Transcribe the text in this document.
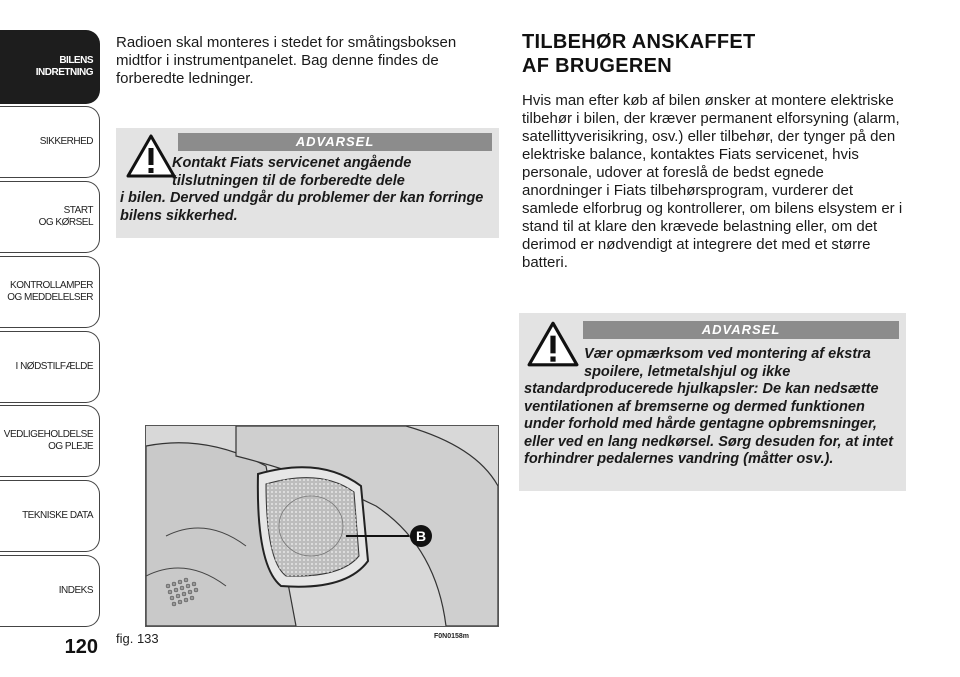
BILENS
INDRETNING
SIKKERHED
START
OG KØRSEL
KONTROLLAMPER
OG MEDDELELSER
I NØDSTILFÆLDE
VEDLIGEHOLDELSE
OG PLEJE
TEKNISKE DATA
INDEKS
120

Radioen skal monteres i stedet for småtingsboksen midtfor i instrumentpanelet. Bag denne findes de forberedte ledninger.

ADVARSEL
Kontakt Fiats servicenet angående
tilslutningen til de forberedte dele
i bilen. Derved undgår du problemer der kan forringe bilens sikkerhed.
B
fig. 133	F0N0158m
TILBEHØR ANSKAFFET
AF BRUGEREN

Hvis man efter køb af bilen ønsker at montere elektriske tilbehør i bilen, der kræver permanent elforsyning (alarm, satellittyverisikring, osv.) eller tilbehør, der tynger på den elektriske balance, kontaktes Fiats servicenet, hvis personale, udover at foreslå de bedst egnede anordninger i Fiats tilbehørsprogram, vurderer det samlede elforbrug og kontrollerer, om bilens elsystem er i stand til at klare den krævede belastning eller, om det derimod er nødvendigt at integrere det med et større batteri.

ADVARSEL
Vær opmærksom ved montering af ekstra
spoilere, letmetalshjul og ikke
standardproducerede hjulkapsler: De kan nedsætte ventilationen af bremserne og dermed funktionen under forhold med hårde gentagne opbremsninger, eller ved en lang nedkørsel. Sørg desuden for, at intet forhindrer pedalernes vandring (måtter osv.).
